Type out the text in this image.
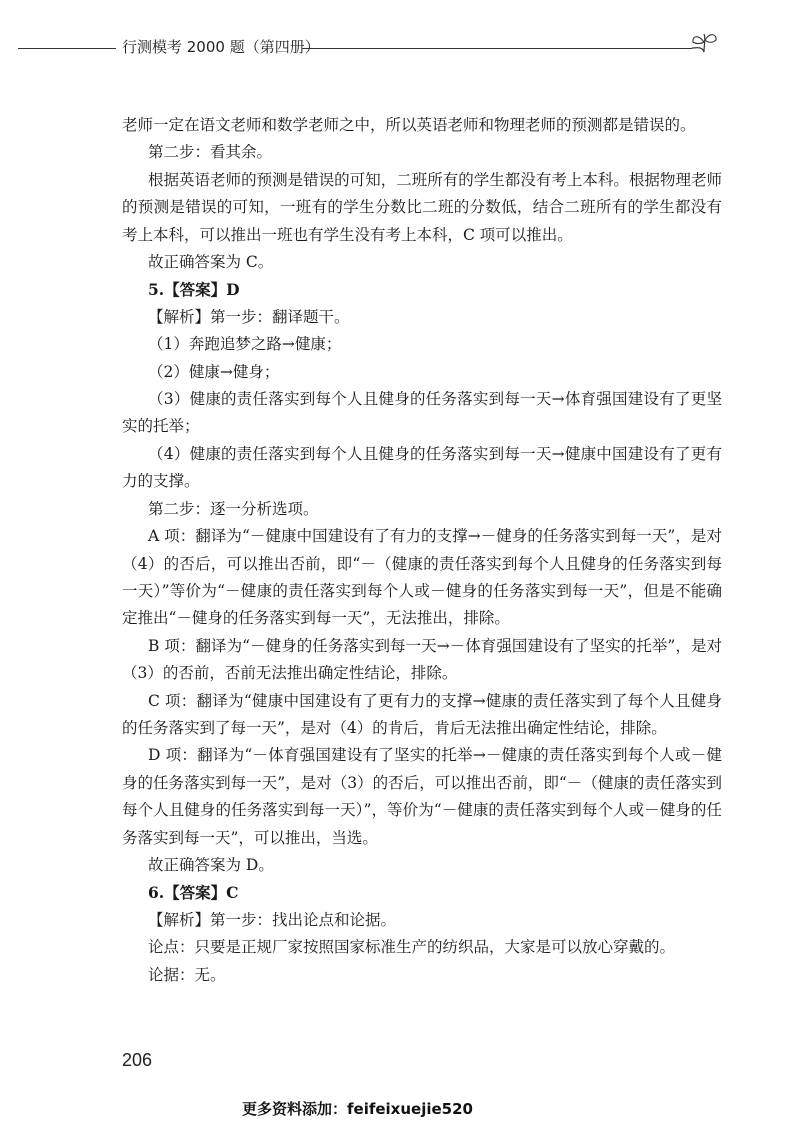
行测模考 2000 题（第四册）

老师一定在语文老师和数学老师之中，所以英语老师和物理老师的预测都是错误的。

第二步：看其余。

根据英语老师的预测是错误的可知，二班所有的学生都没有考上本科。根据物理老师的预测是错误的可知，一班有的学生分数比二班的分数低，结合二班所有的学生都没有考上本科，可以推出一班也有学生没有考上本科，C 项可以推出。

故正确答案为 C。

5.【答案】D

【解析】第一步：翻译题干。

（1）奔跑追梦之路→健康；

（2）健康→健身；

（3）健康的责任落实到每个人且健身的任务落实到每一天→体育强国建设有了更坚实的托举；

（4）健康的责任落实到每个人且健身的任务落实到每一天→健康中国建设有了更有力的支撑。

第二步：逐一分析选项。

A 项：翻译为“－健康中国建设有了有力的支撑→－健身的任务落实到每一天”，是对（4）的否后，可以推出否前，即“－（健康的责任落实到每个人且健身的任务落实到每一天）”等价为“－健康的责任落实到每个人或－健身的任务落实到每一天”，但是不能确定推出“－健身的任务落实到每一天”，无法推出，排除。

B 项：翻译为“－健身的任务落实到每一天→－体育强国建设有了坚实的托举”，是对（3）的否前，否前无法推出确定性结论，排除。

C 项：翻译为“健康中国建设有了更有力的支撑→健康的责任落实到了每个人且健身的任务落实到了每一天”，是对（4）的肯后，肯后无法推出确定性结论，排除。

D 项：翻译为“－体育强国建设有了坚实的托举→－健康的责任落实到每个人或－健身的任务落实到每一天”，是对（3）的否后，可以推出否前，即“－（健康的责任落实到每个人且健身的任务落实到每一天）”，等价为“－健康的责任落实到每个人或－健身的任务落实到每一天”，可以推出，当选。

故正确答案为 D。

6.【答案】C

【解析】第一步：找出论点和论据。

论点：只要是正规厂家按照国家标准生产的纺织品，大家是可以放心穿戴的。

论据：无。

206
更多资料添加：feifeixuejie520
